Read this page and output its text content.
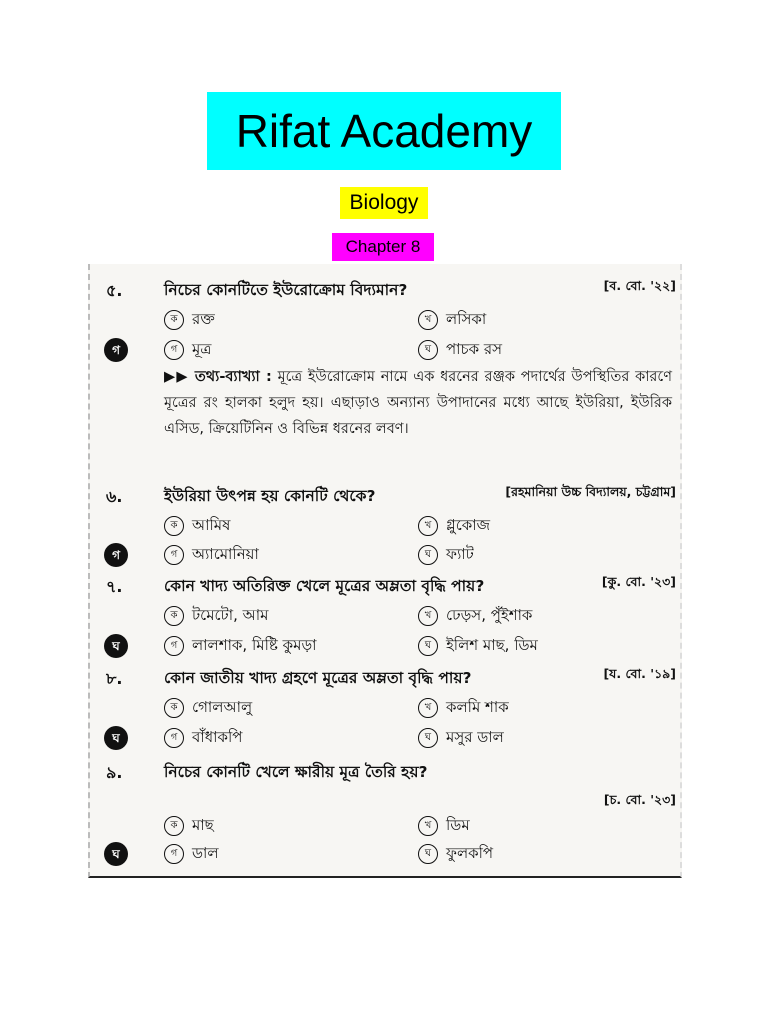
Rifat Academy
Biology
Chapter 8
৫.	নিচের কোনটিতে ইউরোক্রোম বিদ্যমান?	[ব. বো. '২২]
ক রক্ত	খ লসিকা
গ	গ মূত্র	ঘ পাচক রস
▶▶ তথ্য-ব্যাখ্যা : মূত্রে ইউরোক্রোম নামে এক ধরনের রঞ্জক পদার্থের উপস্থিতির কারণে মূত্রের রং হালকা হলুদ হয়। এছাড়াও অন্যান্য উপাদানের মধ্যে আছে ইউরিয়া, ইউরিক এসিড, ক্রিয়েটিনিন ও বিভিন্ন ধরনের লবণ।
৬.	ইউরিয়া উৎপন্ন হয় কোনটি থেকে?	[রহমানিয়া উচ্চ বিদ্যালয়, চট্টগ্রাম]
ক আমিষ	খ গ্লুকোজ
গ	গ অ্যামোনিয়া	ঘ ফ্যাট
৭.	কোন খাদ্য অতিরিক্ত খেলে মূত্রের অম্লতা বৃদ্ধি পায়?	[কু. বো. '২৩]
ক টমেটো, আম	খ ঢেড়স, পুঁইশাক
ঘ	গ লালশাক, মিষ্টি কুমড়া	ঘ ইলিশ মাছ, ডিম
৮.	কোন জাতীয় খাদ্য গ্রহণে মূত্রের অম্লতা বৃদ্ধি পায়?	[য. বো. '১৯]
ক গোলআলু	খ কলমি শাক
ঘ	গ বাঁধাকপি	ঘ মসুর ডাল
৯.	নিচের কোনটি খেলে ক্ষারীয় মূত্র তৈরি হয়?
[চ. বো. '২৩]
ক মাছ	খ ডিম
ঘ	গ ডাল	ঘ ফুলকপি
